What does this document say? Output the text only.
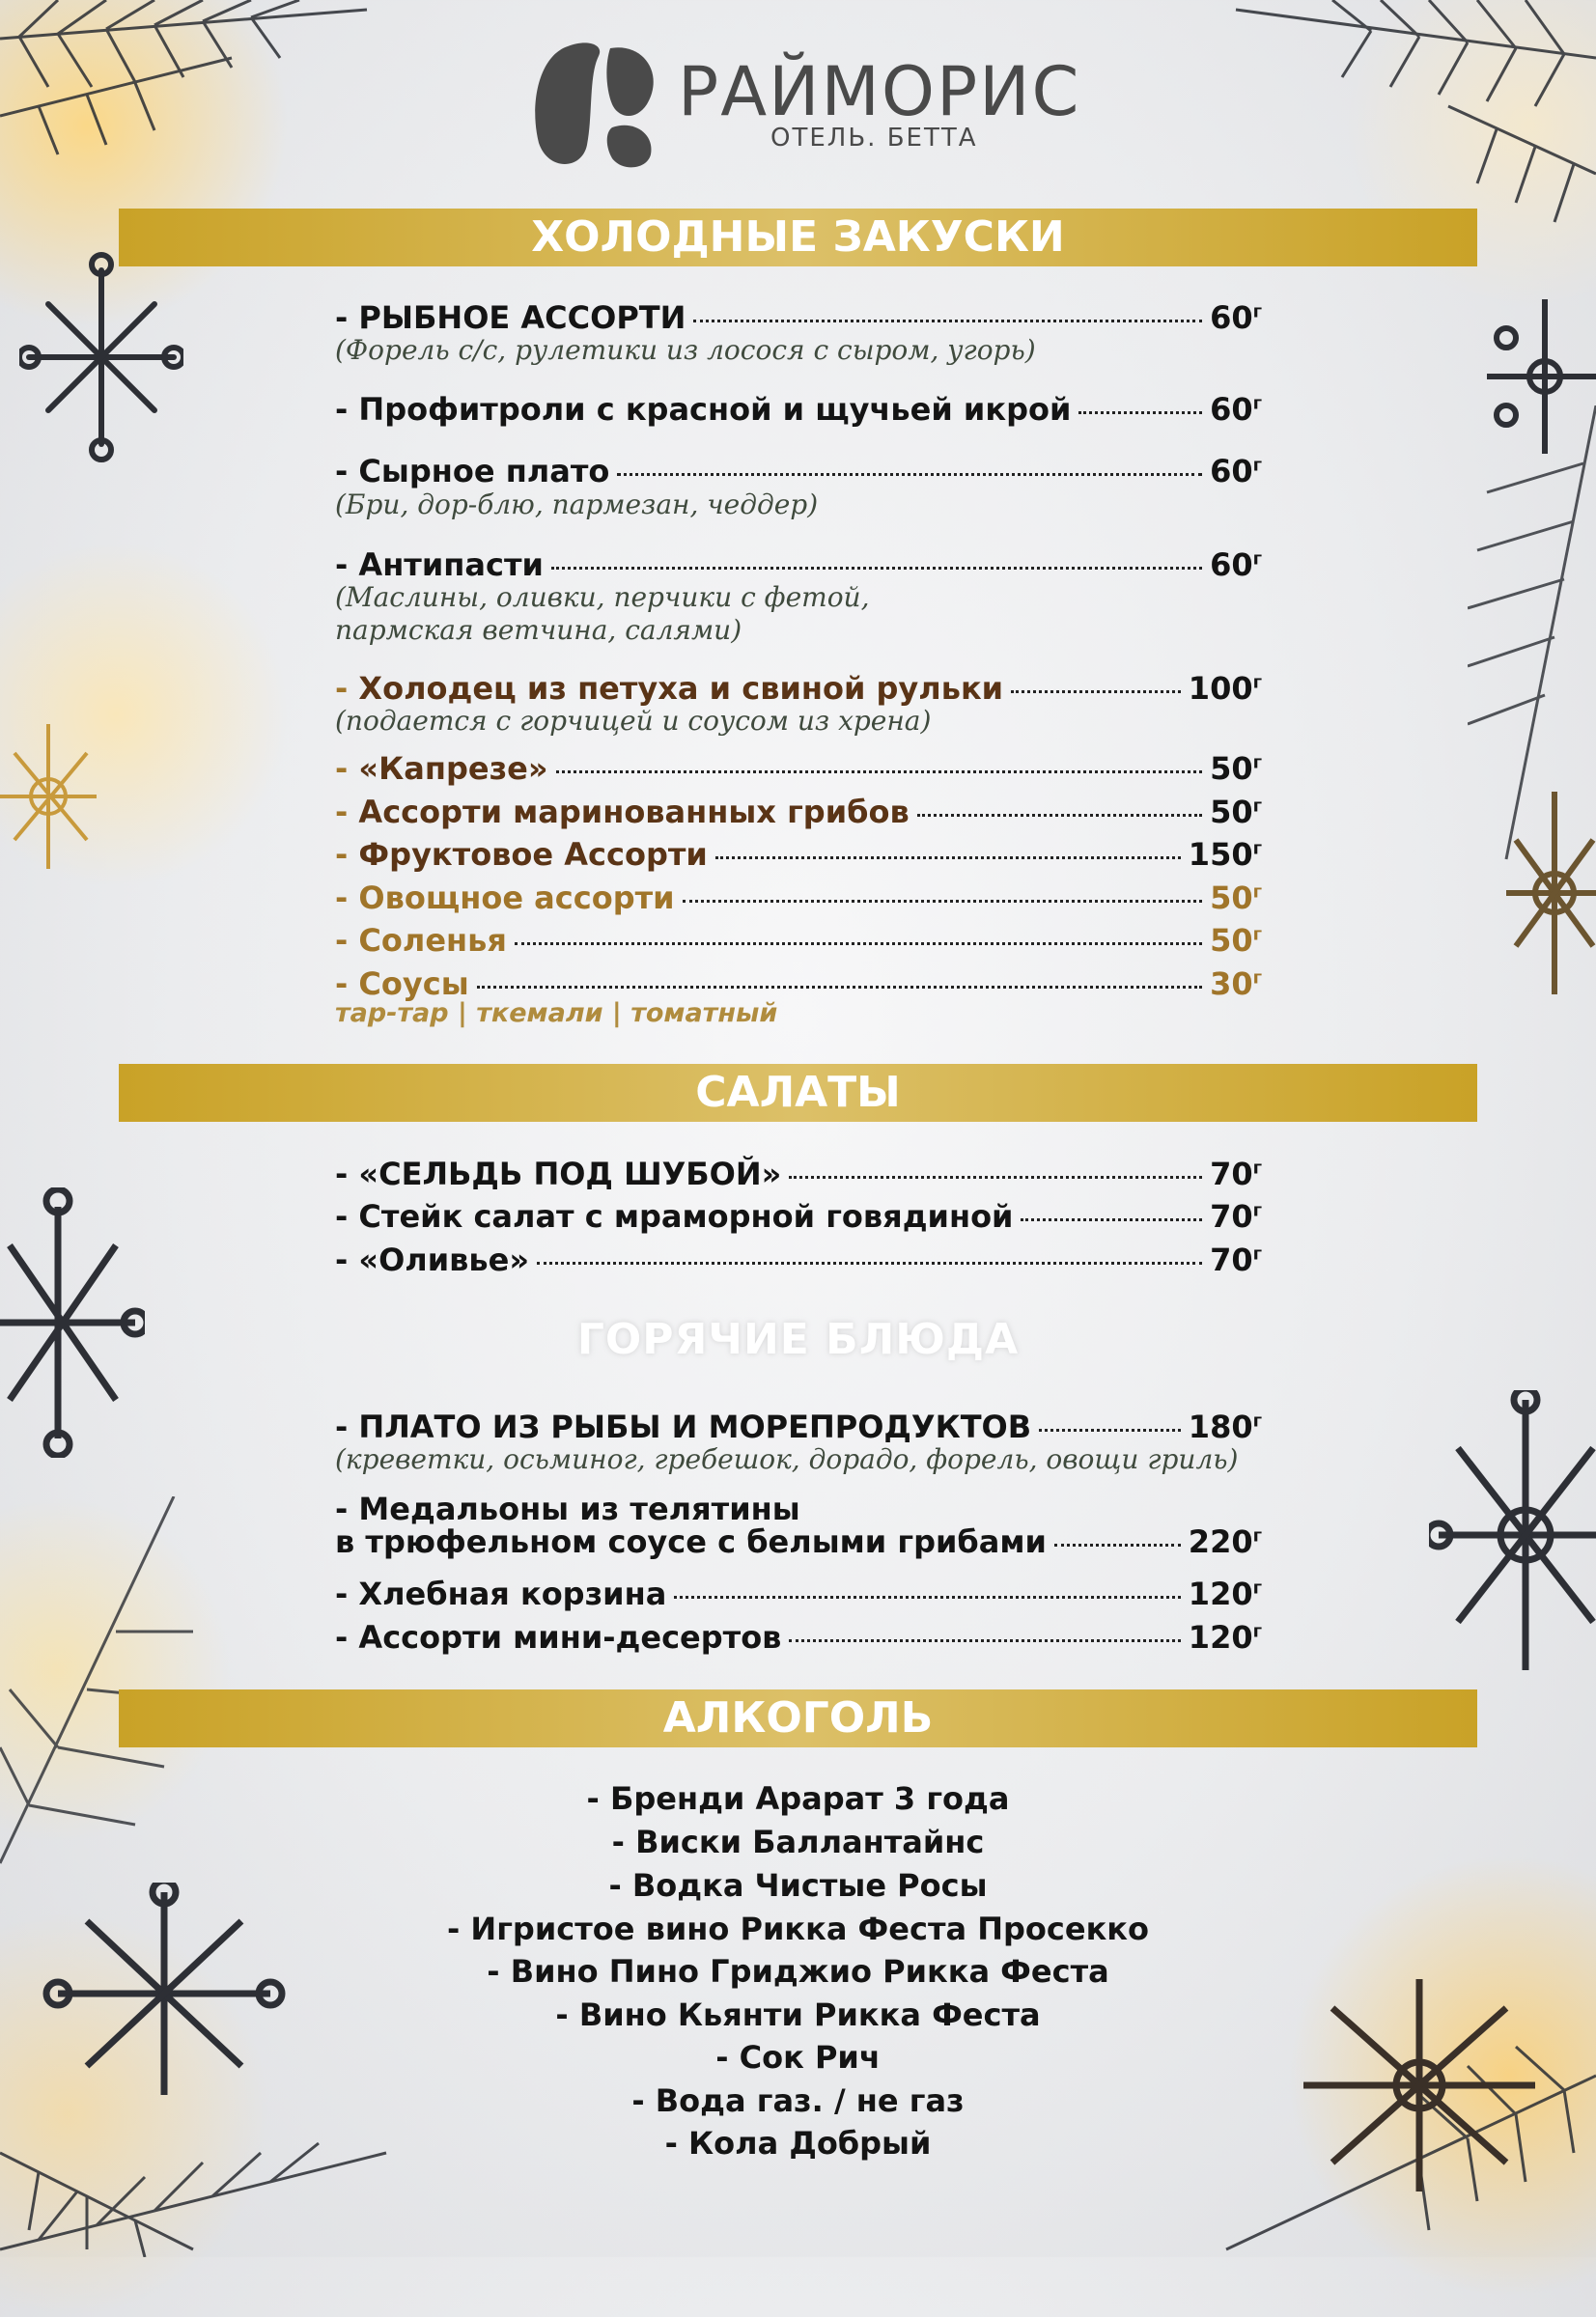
РАЙМОРИС
ОТЕЛЬ. БЕТТА
ХОЛОДНЫЕ ЗАКУСКИ
- РЫБНОЕ АССОРТИ	$60^г$
(Форель с/с, рулетики из лосося с сыром, угорь)
- Профитроли с красной и щучьей икрой	$60^г$
- Сырное плато	$60^г$
(Бри, дор-блю, пармезан, чеддер)
- Антипасти	$60^г$
(Маслины, оливки, перчики с фетой,
пармская ветчина, салями)
- Холодец из петуха и свиной рульки	$100^г$
(подается с горчицей и соусом из хрена)
- «Капрезе»	$50^г$
- Ассорти маринованных грибов	$50^г$
- Фруктовое Ассорти	$150^г$
- Овощное ассорти	$50^г$
- Соленья	$50^г$
- Соусы	$30^г$
тар-тар | ткемали | томатный
САЛАТЫ
- «СЕЛЬДЬ ПОД ШУБОЙ»	$70^г$
- Стейк салат с мраморной говядиной	$70^г$
- «Оливье»	$70^г$
ГОРЯЧИЕ БЛЮДА
- ПЛАТО ИЗ РЫБЫ И МОРЕПРОДУКТОВ	$180^г$
(креветки, осьминог, гребешок, дорадо, форель, овощи гриль)
- Медальоны из телятины
в трюфельном соусе с белыми грибами	$220^г$
- Хлебная корзина	$120^г$
- Ассорти мини-десертов	$120^г$
АЛКОГОЛЬ
- Бренди Арарат 3 года
- Виски Баллантайнс
- Водка Чистые Росы
- Игристое вино Рикка Феста Просекко
- Вино Пино Гриджио Рикка Феста
- Вино Кьянти Рикка Феста
- Сок Рич
- Вода газ. / не газ
- Кола Добрый
